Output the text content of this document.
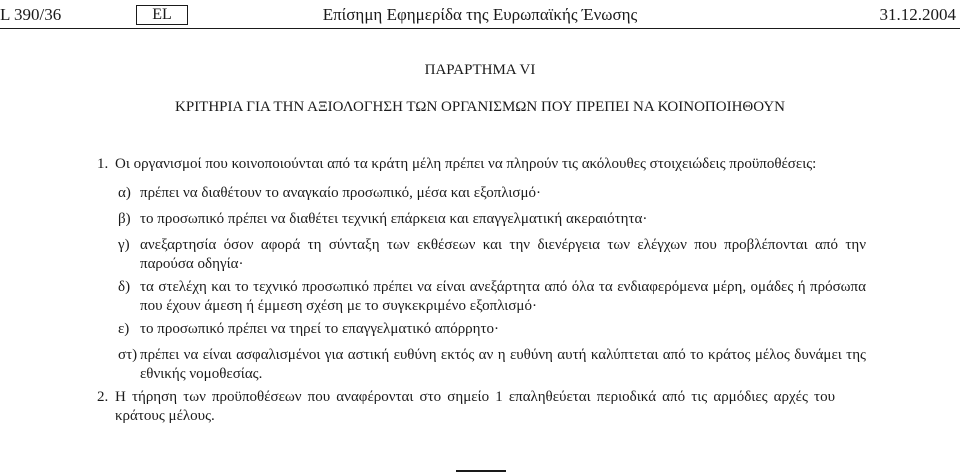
L 390/36	EL	Επίσημη Εφημερίδα της Ευρωπαϊκής Ένωσης	31.12.2004
ΠΑΡΑΡΤΗΜΑ VI
ΚΡΙΤΗΡΙΑ ΓΙΑ ΤΗΝ ΑΞΙΟΛΟΓΗΣΗ ΤΩΝ ΟΡΓΑΝΙΣΜΩΝ ΠΟΥ ΠΡΕΠΕΙ ΝΑ ΚΟΙΝΟΠΟΙΗΘΟΥΝ
1. Οι οργανισμοί που κοινοποιούνται από τα κράτη μέλη πρέπει να πληρούν τις ακόλουθες στοιχειώδεις προϋποθέσεις:
α) πρέπει να διαθέτουν το αναγκαίο προσωπικό, μέσα και εξοπλισμό·
β) το προσωπικό πρέπει να διαθέτει τεχνική επάρκεια και επαγγελματική ακεραιότητα·
γ) ανεξαρτησία όσον αφορά τη σύνταξη των εκθέσεων και την διενέργεια των ελέγχων που προβλέπονται από την παρούσα οδηγία·
δ) τα στελέχη και το τεχνικό προσωπικό πρέπει να είναι ανεξάρτητα από όλα τα ενδιαφερόμενα μέρη, ομάδες ή πρόσωπα που έχουν άμεση ή έμμεση σχέση με το συγκεκριμένο εξοπλισμό·
ε) το προσωπικό πρέπει να τηρεί το επαγγελματικό απόρρητο·
στ) πρέπει να είναι ασφαλισμένοι για αστική ευθύνη εκτός αν η ευθύνη αυτή καλύπτεται από το κράτος μέλος δυνάμει της εθνικής νομοθεσίας.
2. Η τήρηση των προϋποθέσεων που αναφέρονται στο σημείο 1 επαληθεύεται περιοδικά από τις αρμόδιες αρχές του κράτους μέλους.
